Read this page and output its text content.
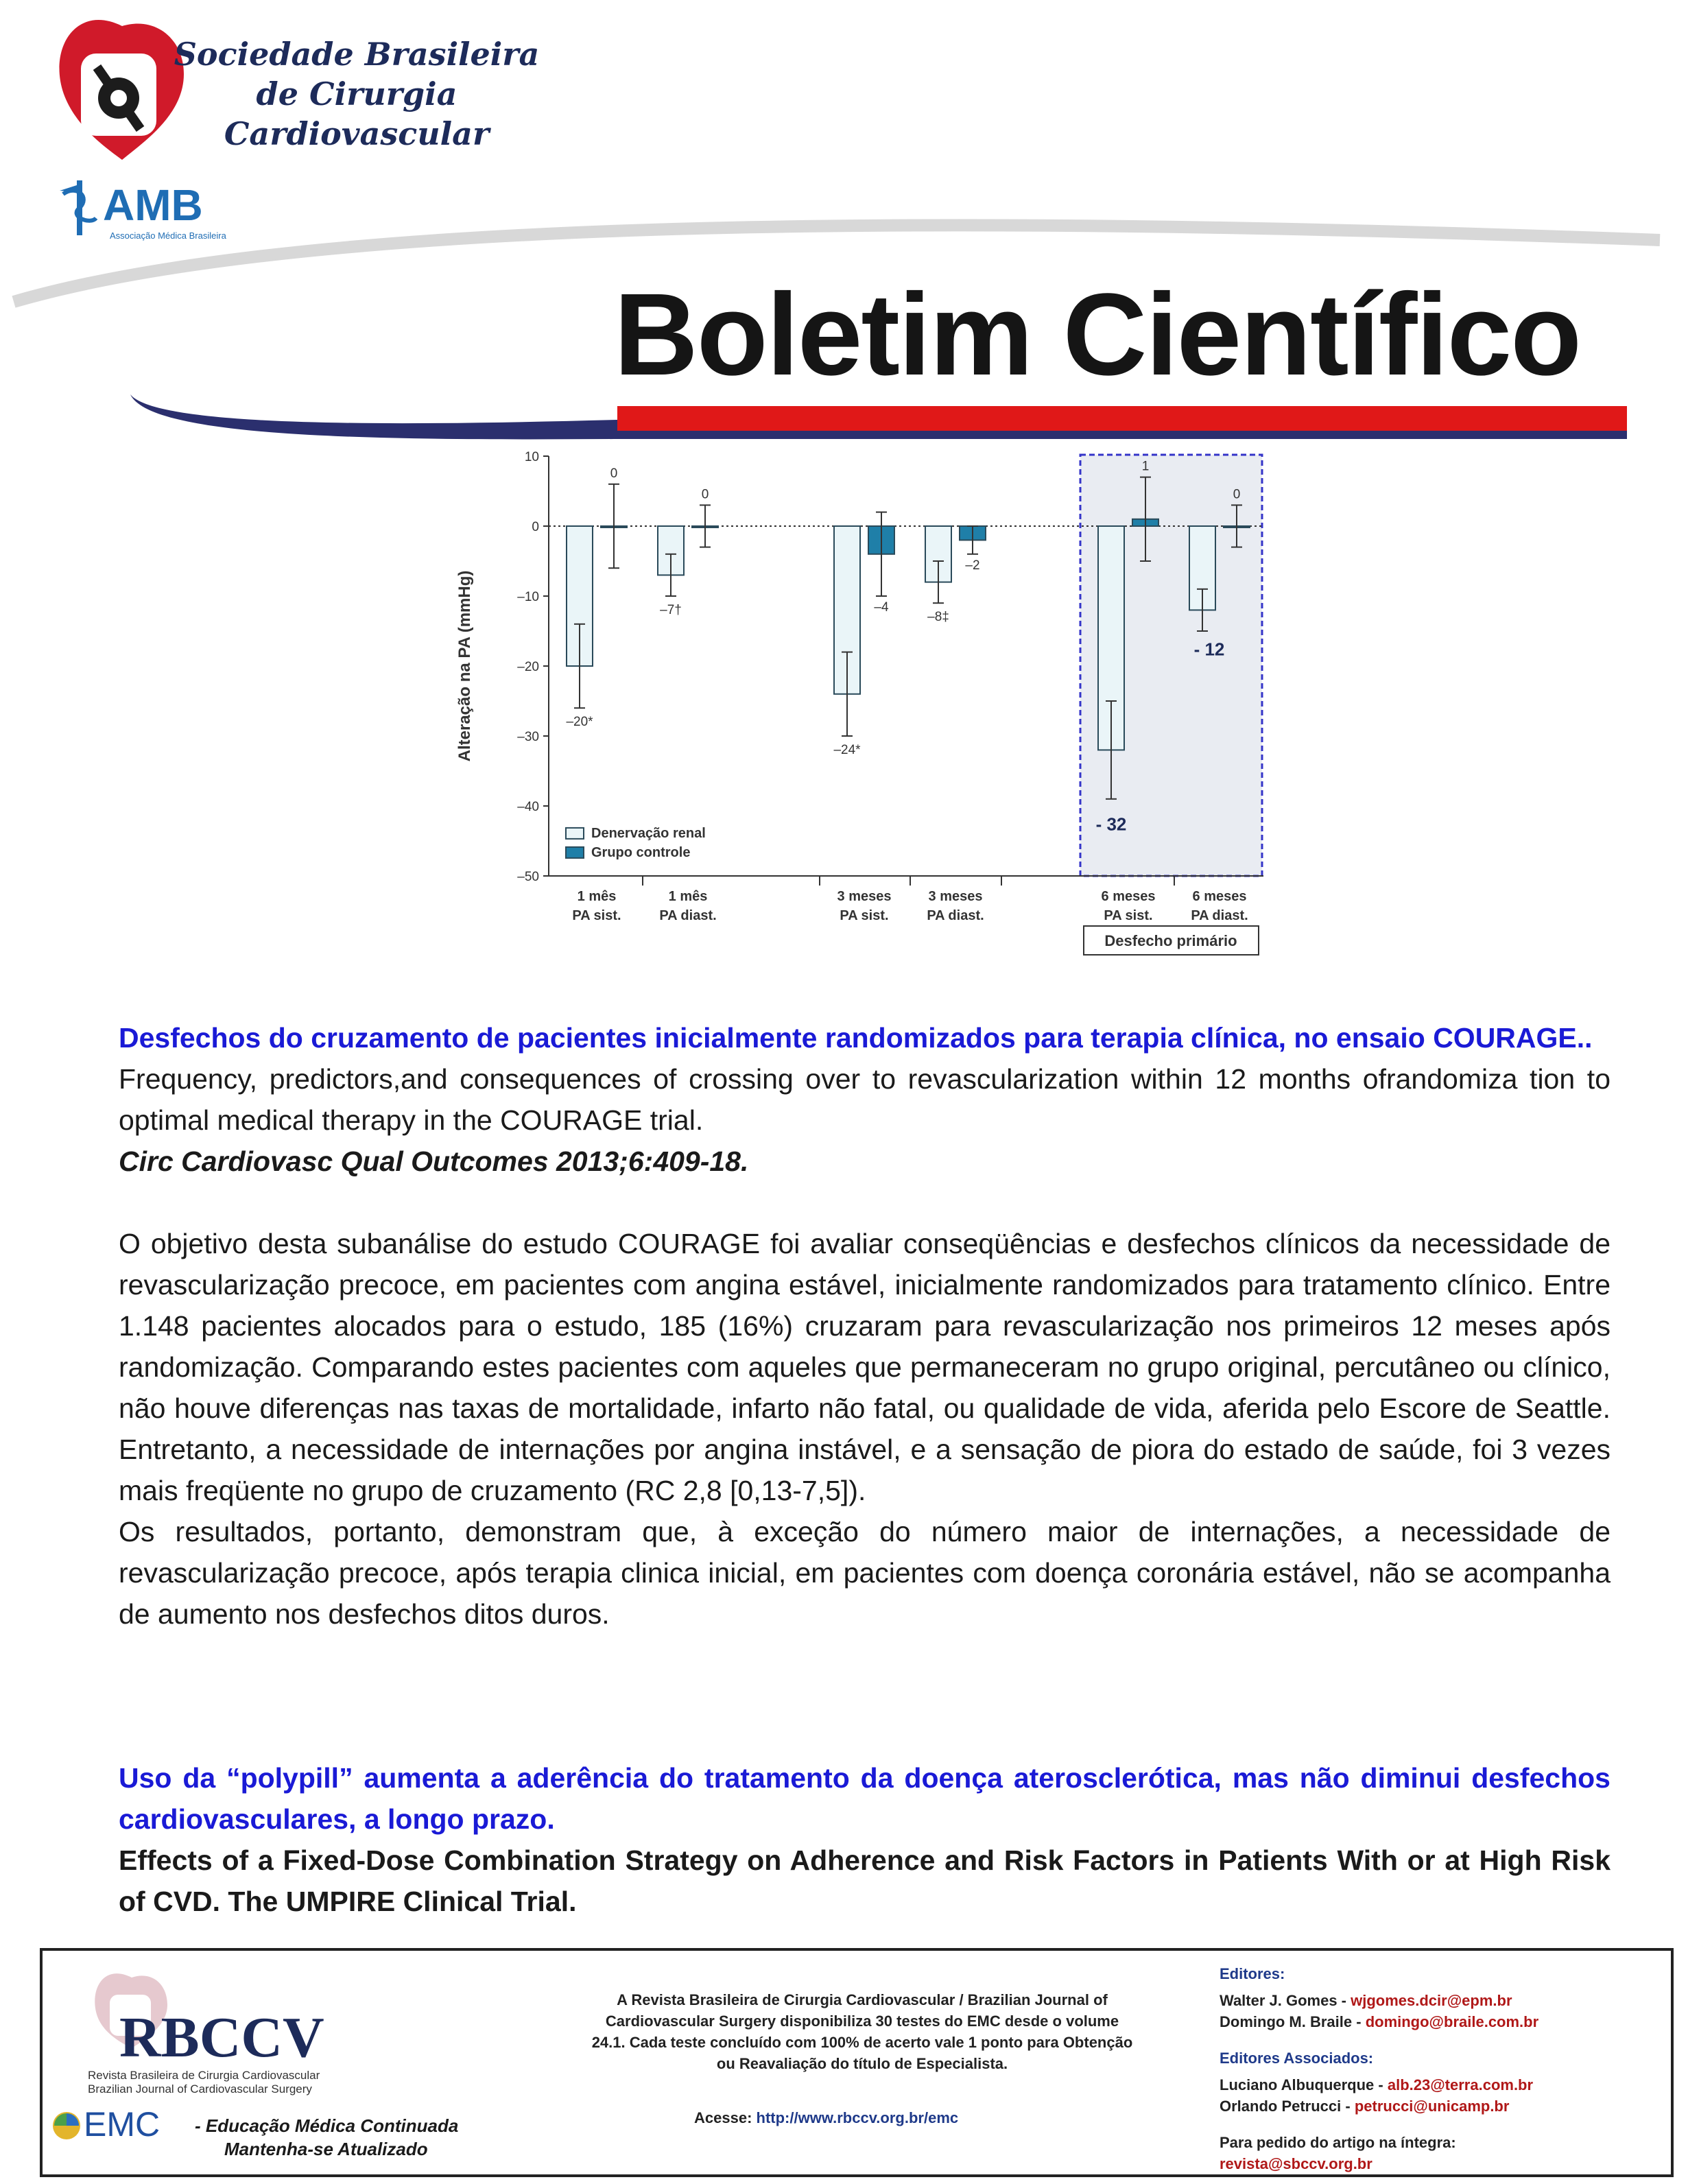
Sociedade Brasileira
de Cirurgia
Cardiovascular
AMB
Associação Médica Brasileira
Boletim Científico
Desfecho primário
10
0
–10
–20
–30
–40
–50
Alteração na PA (mmHg)
1 mês
PA sist.
1 mês
PA diast.
3 meses
PA sist.
3 meses
PA diast.
6 meses
PA sist.
6 meses
PA diast.
–20*
–7†
–24*
–8‡
- 32
- 12
0
0
–4
–2
1
0
Denervação renal
Grupo controle

Desfechos do cruzamento de pacientes inicialmente randomizados para terapia clínica, no ensaio COURAGE..

Frequency, predictors,and consequences of crossing over to revascularization within 12 months ofrandomiza tion to optimal medical therapy in the COURAGE trial.

Circ Cardiovasc Qual Outcomes 2013;6:409-18.

O objetivo desta subanálise do estudo COURAGE foi avaliar conseqüências e desfechos clínicos da necessidade de revascularização precoce, em pacientes com angina estável, inicialmente randomizados para tratamento clínico. Entre 1.148 pacientes alocados para o estudo, 185 (16%) cruzaram para revascularização nos primeiros 12 meses após randomização. Comparando estes pacientes com aqueles que permaneceram no grupo original, percutâneo ou clínico, não houve diferenças nas taxas de mortalidade, infarto não fatal, ou qualidade de vida, aferida pelo Escore de Seattle. Entretanto, a necessidade de internações por angina instável, e a sensação de piora do estado de saúde, foi 3 vezes mais freqüente no grupo de cruzamento (RC 2,8 [0,13-7,5]).

Os resultados, portanto, demonstram que, à exceção do número maior de internações, a necessidade de revascularização precoce, após terapia clinica inicial, em pacientes com doença coronária estável, não se acompanha de aumento nos desfechos ditos duros.

Uso da “polypill” aumenta a aderência do tratamento da doença aterosclerótica, mas não diminui desfechos cardiovasculares, a longo prazo.

Effects of a Fixed-Dose Combination Strategy on Adherence and Risk Factors in Patients With or at High Risk of CVD. The UMPIRE Clinical Trial.

RBCCV
Revista Brasileira de Cirurgia Cardiovascular
Brazilian Journal of Cardiovascular Surgery
EMC - Educação Médica Continuada
Mantenha-se Atualizado
A Revista Brasileira de Cirurgia Cardiovascular / Brazilian Journal of Cardiovascular Surgery disponibiliza 30 testes do EMC desde o volume 24.1. Cada teste concluído com 100% de acerto vale 1 ponto para Obtenção ou Reavaliação do título de Especialista.
Acesse: http://www.rbccv.org.br/emc
Editores:
Walter J. Gomes - wjgomes.dcir@epm.br
Domingo M. Braile - domingo@braile.com.br
Editores Associados:
Luciano Albuquerque - alb.23@terra.com.br
Orlando Petrucci - petrucci@unicamp.br
Para pedido do artigo na íntegra:
revista@sbccv.org.br
